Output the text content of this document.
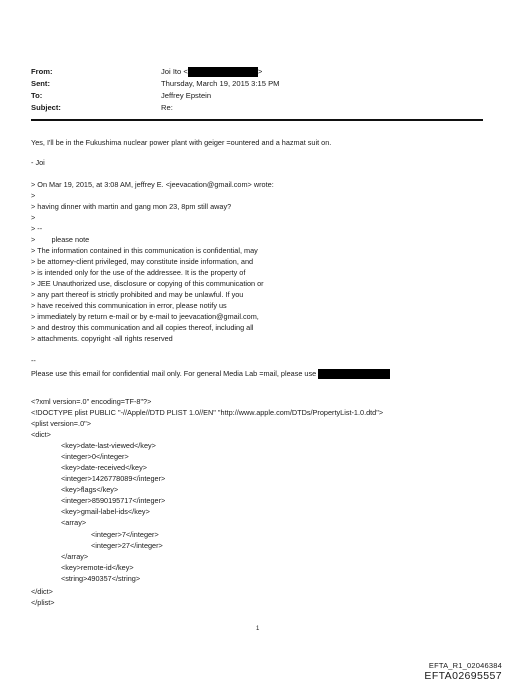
From:	Joi Ito <	>
Sent:	Thursday, March 19, 2015 3:15 PM
To:	Jeffrey Epstein
Subject:	Re:
Yes, I'll be in the Fukushima nuclear power plant with geiger =ountered and a hazmat suit on.
- Joi
> On Mar 19, 2015, at 3:08 AM, jeffrey E. <jeevacation@gmail.com> wrote:
>
> having dinner with martin and gang mon 23, 8pm still away?
>
> --
>        please note
> The information contained in this communication is confidential, may
> be attorney-client privileged, may constitute inside information, and
> is intended only for the use of the addressee. It is the property of
> JEE Unauthorized use, disclosure or copying of this communication or
> any part thereof is strictly prohibited and may be unlawful. If you
> have received this communication in error, please notify us
> immediately by return e-mail or by e-mail to jeevacation@gmail.com,
> and destroy this communication and all copies thereof, including all
> attachments. copyright -all rights reserved
--
Please use this email for confidential mail only. For general Media Lab =mail, please use
<?xml version=.0" encoding=TF-8"?>
<!DOCTYPE plist PUBLIC "-//Apple//DTD PLIST 1.0//EN" "http://www.apple.com/DTDs/PropertyList-1.0.dtd">
<plist version=.0">
<dict>
<key>date-last-viewed</key>
<integer>0</integer>
<key>date-received</key>
<integer>1426778089</integer>
<key>flags</key>
<integer>8590195717</integer>
<key>gmail-label-ids</key>
<array>
<integer>7</integer>
<integer>27</integer>
</array>
<key>remote-id</key>
<string>490357</string>
</dict>
</plist>
1
EFTA_R1_02046384
EFTA02695557
